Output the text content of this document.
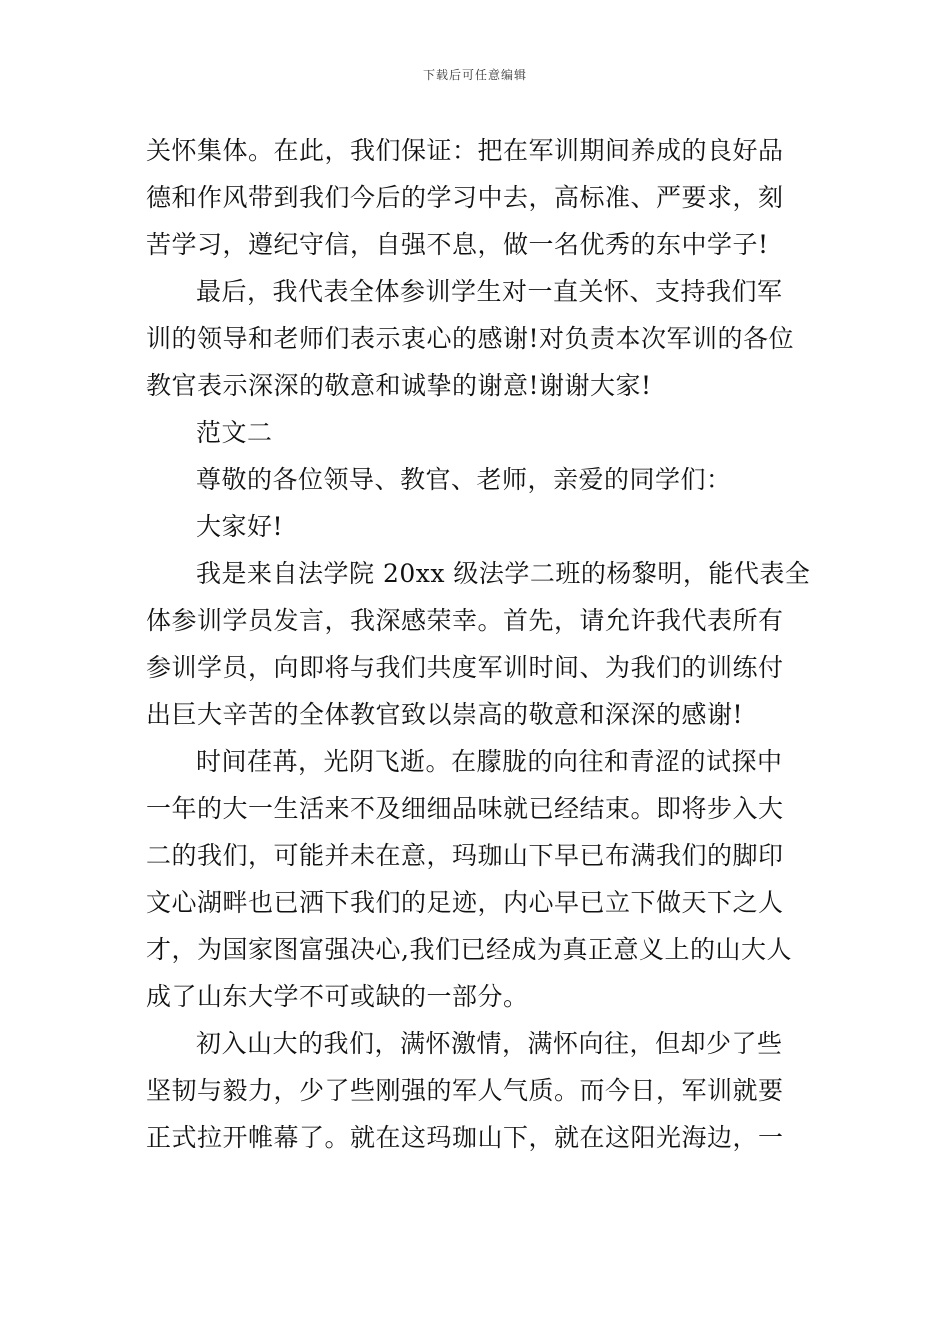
下载后可任意编辑
关怀集体。在此，我们保证：把在军训期间养成的良好品
德和作风带到我们今后的学习中去，高标准、严要求，刻
苦学习，遵纪守信，自强不息，做一名优秀的东中学子!
最后，我代表全体参训学生对一直关怀、支持我们军
训的领导和老师们表示衷心的感谢!对负责本次军训的各位
教官表示深深的敬意和诚挚的谢意!谢谢大家!
范文二
尊敬的各位领导、教官、老师，亲爱的同学们：
大家好!
我是来自法学院 20xx 级法学二班的杨黎明，能代表全
体参训学员发言，我深感荣幸。首先，请允许我代表所有
参训学员，向即将与我们共度军训时间、为我们的训练付
出巨大辛苦的全体教官致以崇高的敬意和深深的感谢!
时间荏苒，光阴飞逝。在朦胧的向往和青涩的试探中
一年的大一生活来不及细细品味就已经结束。即将步入大
二的我们，可能并未在意，玛珈山下早已布满我们的脚印
文心湖畔也已洒下我们的足迹，内心早已立下做天下之人
才，为国家图富强决心,我们已经成为真正意义上的山大人
成了山东大学不可或缺的一部分。
初入山大的我们，满怀激情，满怀向往，但却少了些
坚韧与毅力，少了些刚强的军人气质。而今日，军训就要
正式拉开帷幕了。就在这玛珈山下，就在这阳光海边，一
